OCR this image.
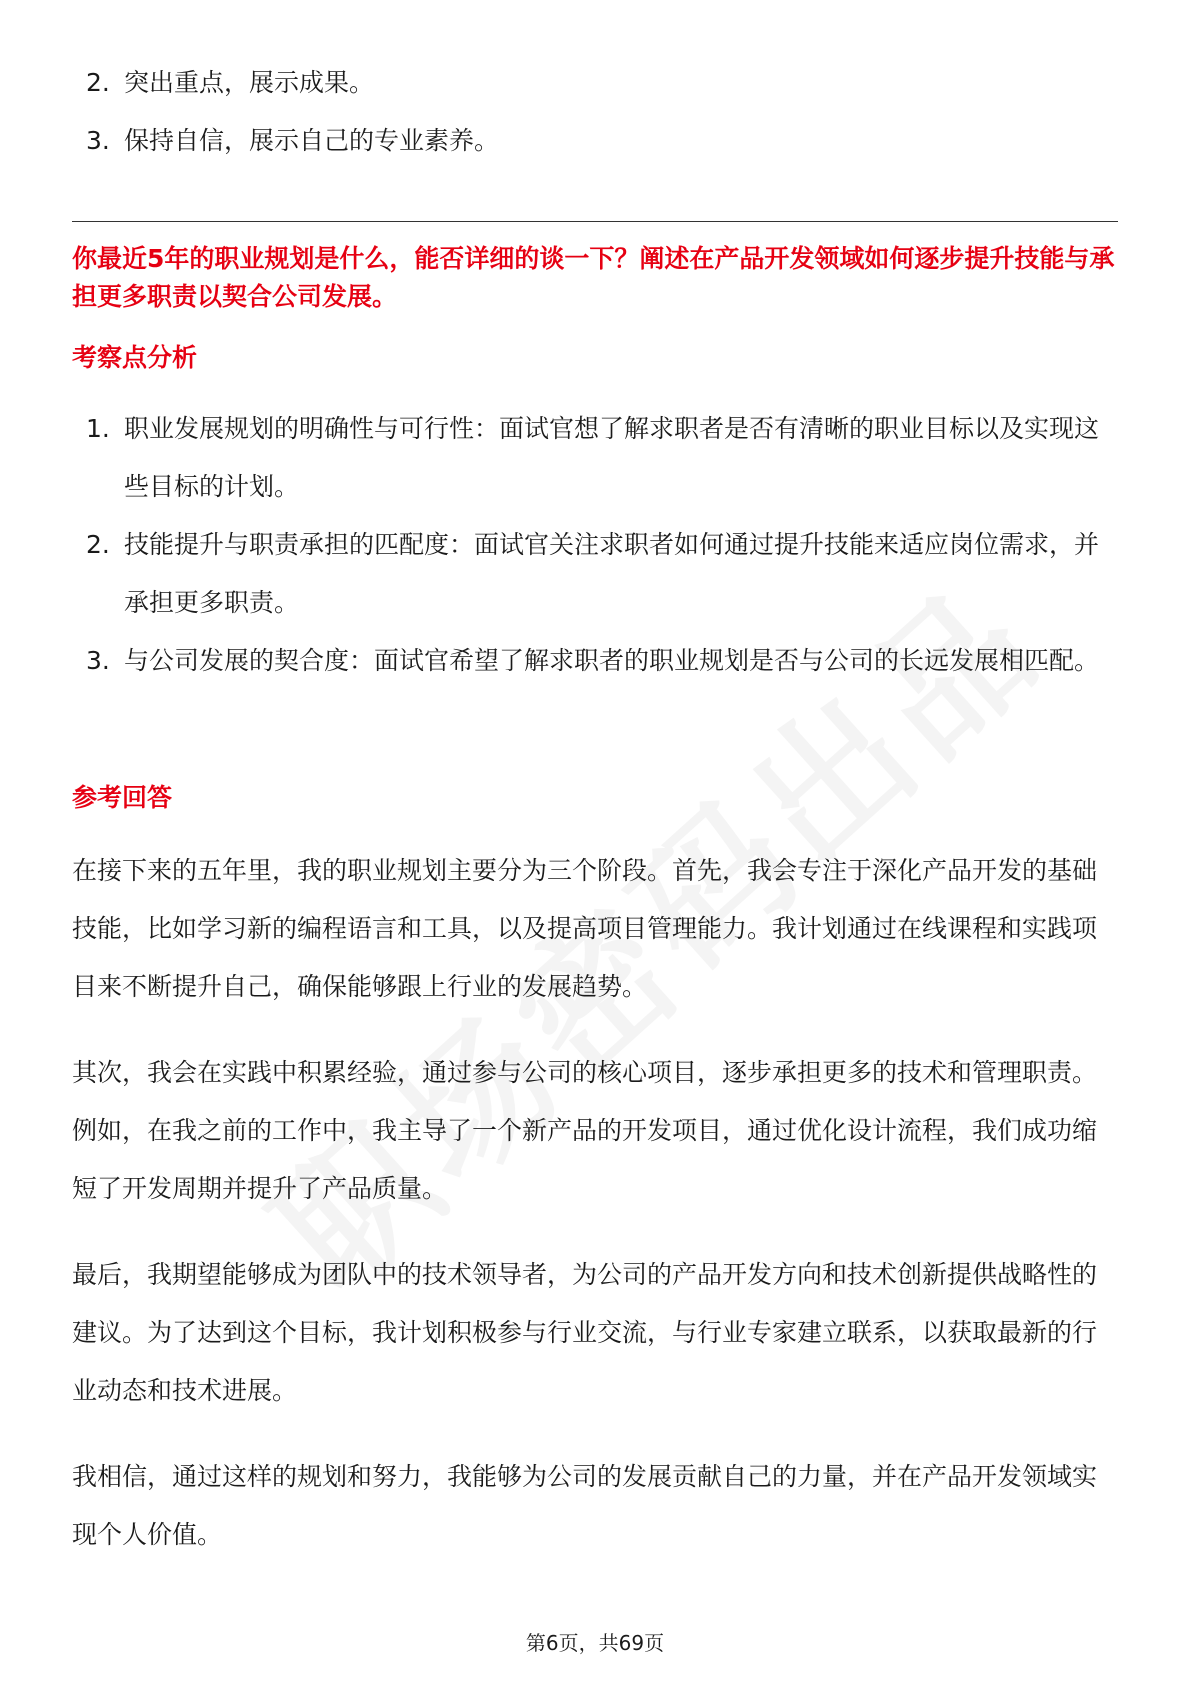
2. 突出重点，展示成果。
3. 保持自信，展示自己的专业素养。
你最近5年的职业规划是什么，能否详细的谈一下？阐述在产品开发领域如何逐步提升技能与承担更多职责以契合公司发展。
考察点分析
1. 职业发展规划的明确性与可行性：面试官想了解求职者是否有清晰的职业目标以及实现这些目标的计划。
2. 技能提升与职责承担的匹配度：面试官关注求职者如何通过提升技能来适应岗位需求，并承担更多职责。
3. 与公司发展的契合度：面试官希望了解求职者的职业规划是否与公司的长远发展相匹配。
参考回答

在接下来的五年里，我的职业规划主要分为三个阶段。首先，我会专注于深化产品开发的基础技能，比如学习新的编程语言和工具，以及提高项目管理能力。我计划通过在线课程和实践项目来不断提升自己，确保能够跟上行业的发展趋势。

其次，我会在实践中积累经验，通过参与公司的核心项目，逐步承担更多的技术和管理职责。例如，在我之前的工作中，我主导了一个新产品的开发项目，通过优化设计流程，我们成功缩短了开发周期并提升了产品质量。

最后，我期望能够成为团队中的技术领导者，为公司的产品开发方向和技术创新提供战略性的建议。为了达到这个目标，我计划积极参与行业交流，与行业专家建立联系，以获取最新的行业动态和技术进展。

我相信，通过这样的规划和努力，我能够为公司的发展贡献自己的力量，并在产品开发领域实现个人价值。

第6页，共69页
